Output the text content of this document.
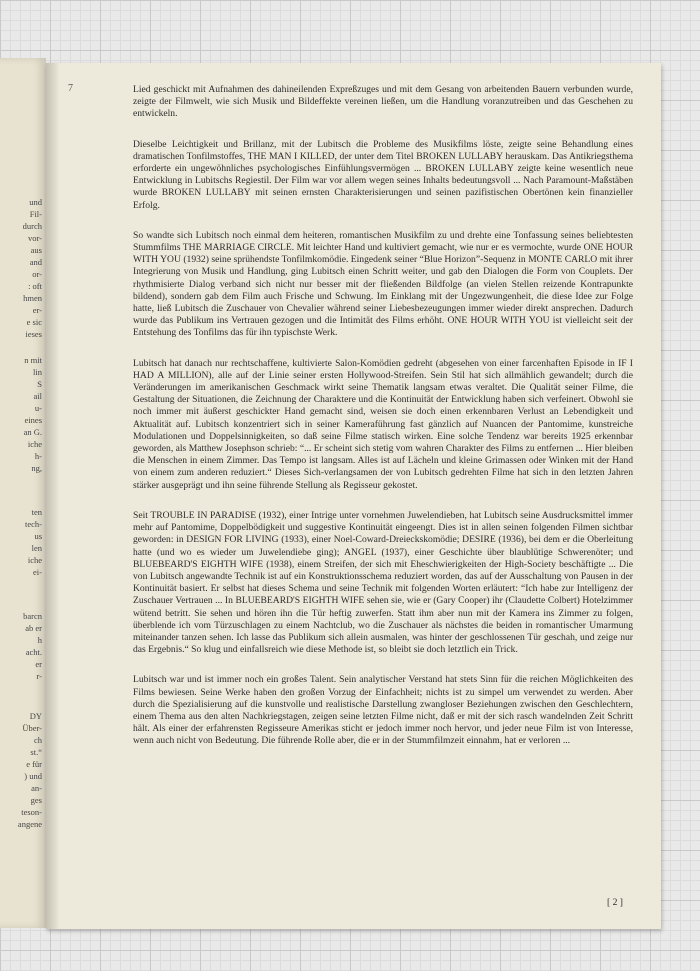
und
Fil-
durch
vor-
aus
and
or-
: oft
hmen
er-
e sic
ieses
n mit
lin
S
ail
u-
eines
an G.
iche
h-
ng,
ten
tech-
us
len
iche
ei-
barcn
ab er
h
acht.
er
r-
DY
Über-
ch
st.“
e für
) und
an-
ges
teson-
angene
7	Lied geschickt mit Aufnahmen des dahineilenden Expreßzuges und mit dem Gesang von arbeitenden Bauern verbunden wurde, zeigte der Filmwelt, wie sich Musik und Bildeffekte vereinen ließen, um die Handlung voranzutreiben und das Geschehen zu entwickeln.

Dieselbe Leichtigkeit und Brillanz, mit der Lubitsch die Probleme des Musikfilms löste, zeigte seine Behandlung eines dramatischen Tonfilmstoffes, THE MAN I KILLED, der unter dem Titel BROKEN LULLABY herauskam. Das Antikriegsthema erforderte ein ungewöhnliches psychologisches Einfühlungsvermögen ... BROKEN LULLABY zeigte keine wesentlich neue Entwicklung in Lubitschs Regiestil. Der Film war vor allem wegen seines Inhalts bedeutungsvoll ... Nach Paramount-Maßstäben wurde BROKEN LULLABY mit seinen ernsten Charakterisierungen und seinen pazifistischen Obertönen kein finanzieller Erfolg.

So wandte sich Lubitsch noch einmal dem heiteren, romantischen Musikfilm zu und drehte eine Tonfassung seines beliebtesten Stummfilms THE MARRIAGE CIRCLE. Mit leichter Hand und kultiviert gemacht, wie nur er es vermochte, wurde ONE HOUR WITH YOU (1932) seine sprühendste Tonfilmkomödie. Eingedenk seiner “Blue Horizon”-Sequenz in MONTE CARLO mit ihrer Integrierung von Musik und Handlung, ging Lubitsch einen Schritt weiter, und gab den Dialogen die Form von Couplets. Der rhythmisierte Dialog verband sich nicht nur besser mit der fließenden Bildfolge (an vielen Stellen reizende Kontrapunkte bildend), sondern gab dem Film auch Frische und Schwung. Im Einklang mit der Ungezwungenheit, die diese Idee zur Folge hatte, ließ Lubitsch die Zuschauer von Chevalier während seiner Liebesbezeugungen immer wieder direkt ansprechen. Dadurch wurde das Publikum ins Vertrauen gezogen und die Intimität des Films erhöht. ONE HOUR WITH YOU ist vielleicht seit der Entstehung des Tonfilms das für ihn typischste Werk.

Lubitsch hat danach nur rechtschaffene, kultivierte Salon-Komödien gedreht (abgesehen von einer farcenhaften Episode in IF I HAD A MILLION), alle auf der Linie seiner ersten Hollywood-Streifen. Sein Stil hat sich allmählich gewandelt; durch die Veränderungen im amerikanischen Geschmack wirkt seine Thematik langsam etwas veraltet. Die Qualität seiner Filme, die Gestaltung der Situationen, die Zeichnung der Charaktere und die Kontinuität der Entwicklung haben sich verfeinert. Obwohl sie noch immer mit äußerst geschickter Hand gemacht sind, weisen sie doch einen erkennbaren Verlust an Lebendigkeit und Aktualität auf. Lubitsch konzentriert sich in seiner Kameraführung fast gänzlich auf Nuancen der Pantomime, kunstreiche Modulationen und Doppelsinnigkeiten, so daß seine Filme statisch wirken. Eine solche Tendenz war bereits 1925 erkennbar geworden, als Matthew Josephson schrieb: “... Er scheint sich stetig vom wahren Charakter des Films zu entfernen ... Hier bleiben die Menschen in einem Zimmer. Das Tempo ist langsam. Alles ist auf Lächeln und kleine Grimassen oder Winken mit der Hand von einem zum anderen reduziert.“ Dieses Sich-verlangsamen der von Lubitsch gedrehten Filme hat sich in den letzten Jahren stärker ausgeprägt und ihn seine führende Stellung als Regisseur gekostet.

Seit TROUBLE IN PARADISE (1932), einer Intrige unter vornehmen Juwelendieben, hat Lubitsch seine Ausdrucksmittel immer mehr auf Pantomime, Doppelbödigkeit und suggestive Kontinuität eingeengt. Dies ist in allen seinen folgenden Filmen sichtbar geworden: in DESIGN FOR LIVING (1933), einer Noel-Coward-Dreieckskomödie; DESIRE (1936), bei dem er die Oberleitung hatte (und wo es wieder um Juwelendiebe ging); ANGEL (1937), einer Geschichte über blaublütige Schwerenöter; und BLUEBEARD'S EIGHTH WIFE (1938), einem Streifen, der sich mit Eheschwierigkeiten der High-Society beschäftigte ... Die von Lubitsch angewandte Technik ist auf ein Konstruktionsschema reduziert worden, das auf der Ausschaltung von Pausen in der Kontinuität basiert. Er selbst hat dieses Schema und seine Technik mit folgenden Worten erläutert: “Ich habe zur Intelligenz der Zuschauer Vertrauen ... In BLUEBEARD'S EIGHTH WIFE sehen sie, wie er (Gary Cooper) ihr (Claudette Colbert) Hotelzimmer wütend betritt. Sie sehen und hören ihn die Tür heftig zuwerfen. Statt ihm aber nun mit der Kamera ins Zimmer zu folgen, überblende ich vom Türzuschlagen zu einem Nachtclub, wo die Zuschauer als nächstes die beiden in romantischer Umarmung miteinander tanzen sehen. Ich lasse das Publikum sich allein ausmalen, was hinter der geschlossenen Tür geschah, und zeige nur das Ergebnis.“ So klug und einfallsreich wie diese Methode ist, so bleibt sie doch letztlich ein Trick.

Lubitsch war und ist immer noch ein großes Talent. Sein analytischer Verstand hat stets Sinn für die reichen Möglichkeiten des Films bewiesen. Seine Werke haben den großen Vorzug der Einfachheit; nichts ist zu simpel um verwendet zu werden. Aber durch die Spezialisierung auf die kunstvolle und realistische Darstellung zwangloser Beziehungen zwischen den Geschlechtern, einem Thema aus den alten Nachkriegstagen, zeigen seine letzten Filme nicht, daß er mit der sich rasch wandelnden Zeit Schritt hält. Als einer der erfahrensten Regisseure Amerikas sticht er jedoch immer noch hervor, und jeder neue Film ist von Interesse, wenn auch nicht von Bedeutung. Die führende Rolle aber, die er in der Stummfilmzeit einnahm, hat er verloren ...

[ 2 ]
